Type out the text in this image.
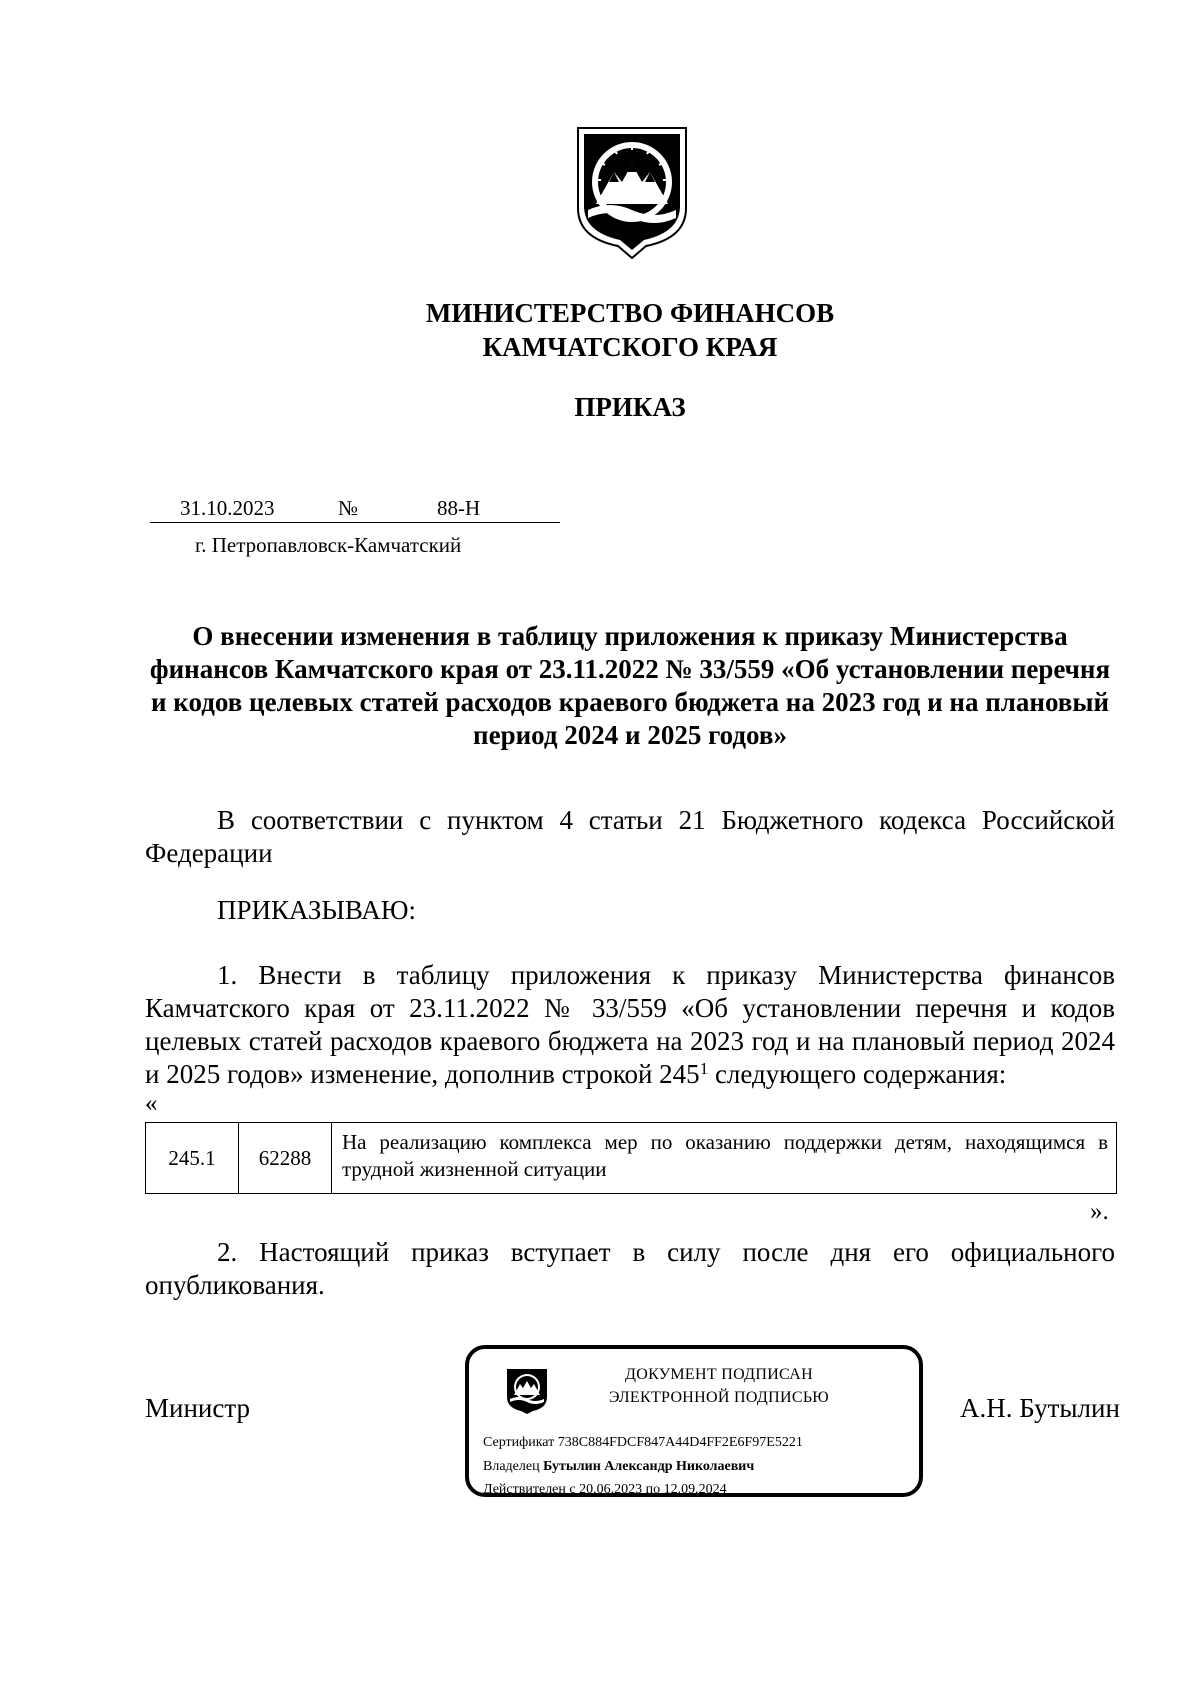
МИНИСТЕРСТВО ФИНАНСОВ
КАМЧАТСКОГО КРАЯ
ПРИКАЗ
31.10.2023	№	88-Н
г. Петропавловск-Камчатский
О внесении изменения в таблицу приложения к приказу Министерства финансов Камчатского края от 23.11.2022 № 33/559 «Об установлении перечня и кодов целевых статей расходов краевого бюджета на 2023 год и на плановый период 2024 и 2025 годов»
В соответствии с пунктом 4 статьи 21 Бюджетного кодекса Российской Федерации
ПРИКАЗЫВАЮ:
1. Внести в таблицу приложения к приказу Министерства финансов Камчатского края от 23.11.2022 № 33/559 «Об установлении перечня и кодов целевых статей расходов краевого бюджета на 2023 год и на плановый период 2024 и 2025 годов» изменение, дополнив строкой $245^1$ следующего содержания:
«
245.1	62288	На реализацию комплекса мер по оказанию поддержки детям, находящимся в трудной жизненной ситуации
».
2. Настоящий приказ вступает в силу после дня его официального опубликования.
Министр	А.Н. Бутылин
ДОКУМЕНТ ПОДПИСАН
ЭЛЕКТРОННОЙ ПОДПИСЬЮ
Сертификат 738C884FDCF847A44D4FF2E6F97E5221
Владелец Бутылин Александр Николаевич
Действителен с 20.06.2023 по 12.09.2024
